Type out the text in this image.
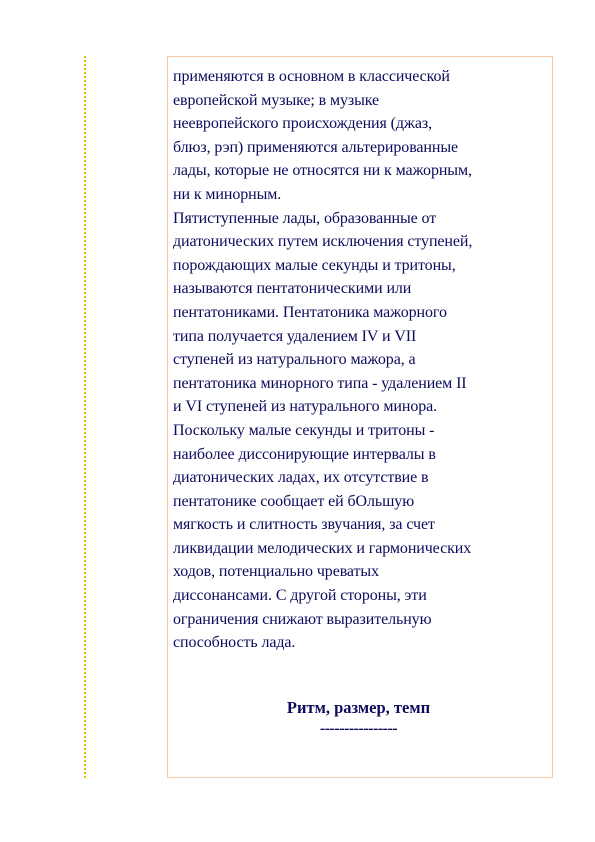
применяются в основном в классической
европейской музыке; в музыке
неевропейского происхождения (джаз,
блюз, рэп) применяются альтерированные
лады, которые не относятся ни к мажорным,
ни к минорным.
Пятиступенные лады, образованные от
диатонических путем исключения ступеней,
порождающих малые секунды и тритоны,
называются пентатоническими или
пентатониками. Пентатоника мажорного
типа получается удалением IV и VII
ступеней из натурального мажора, а
пентатоника минорного типа - удалением II
и VI ступеней из натурального минора.
Поскольку малые секунды и тритоны -
наиболее диссонирующие интервалы в
диатонических ладах, их отсутствие в
пентатонике сообщает ей бОльшую
мягкость и слитность звучания, за счет
ликвидации мелодических и гармонических
ходов, потенциально чреватых
диссонансами. С другой стороны, эти
ограничения снижают выразительную
способность лада.

Ритм, размер, темп
----------------
